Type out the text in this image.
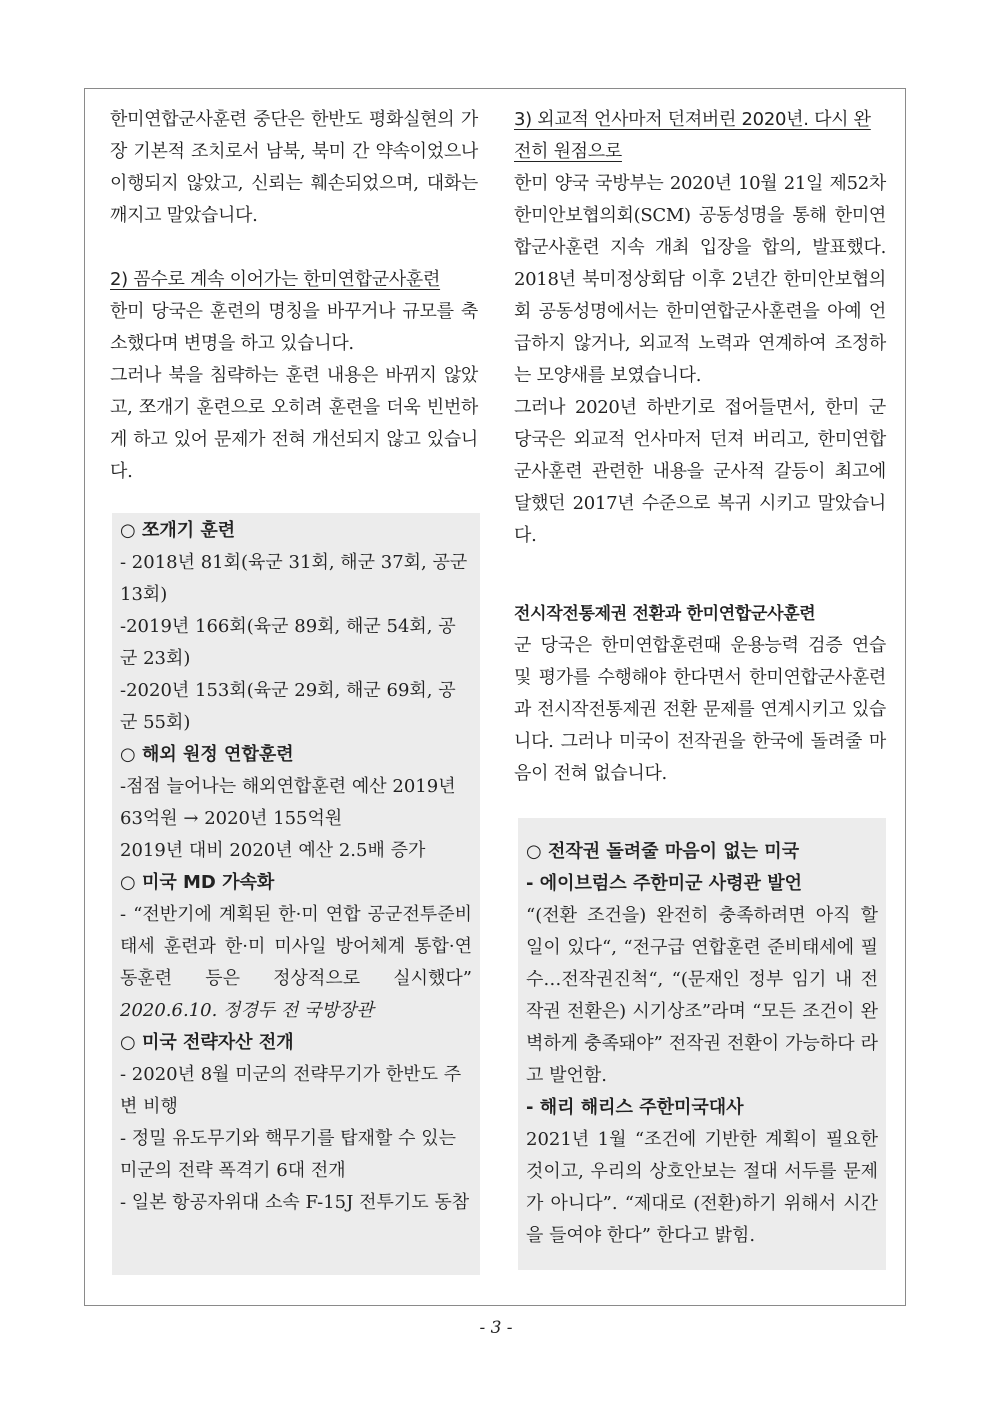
한미연합군사훈련 중단은 한반도 평화실현의 가장 기본적 조치로서 남북, 북미 간 약속이었으나 이행되지 않았고, 신뢰는 훼손되었으며, 대화는 깨지고 말았습니다.

2) 꼼수로 계속 이어가는 한미연합군사훈련

한미 당국은 훈련의 명칭을 바꾸거나 규모를 축소했다며 변명을 하고 있습니다.

그러나 북을 침략하는 훈련 내용은 바뀌지 않았고, 쪼개기 훈련으로 오히려 훈련을 더욱 빈번하게 하고 있어 문제가 전혀 개선되지 않고 있습니다.

○ 쪼개기 훈련
- 2018년 81회(육군 31회, 해군 37회, 공군 13회)
-2019년 166회(육군 89회, 해군 54회, 공군 23회)
-2020년 153회(육군 29회, 해군 69회, 공군 55회)
○ 해외 원정 연합훈련
-점점 늘어나는 해외연합훈련 예산 2019년 63억원 → 2020년 155억원
2019년 대비 2020년 예산 2.5배 증가
○ 미국 MD 가속화

- “전반기에 계획된 한·미 연합 공군전투준비태세 훈련과 한·미 미사일 방어체계 통합·연동훈련 등은 정상적으로 실시했다” 2020.6.10. 정경두 전 국방장관

○ 미국 전략자산 전개
- 2020년 8월 미군의 전략무기가 한반도 주변 비행
- 정밀 유도무기와 핵무기를 탑재할 수 있는 미군의 전략 폭격기 6대 전개
- 일본 항공자위대 소속 F-15J 전투기도 동참
3) 외교적 언사마저 던져버린 2020년. 다시 완전히 원점으로

한미 양국 국방부는 2020년 10월 21일 제52차 한미안보협의회(SCM) 공동성명을 통해 한미연합군사훈련 지속 개최 입장을 합의, 발표했다. 2018년 북미정상회담 이후 2년간 한미안보협의회 공동성명에서는 한미연합군사훈련을 아예 언급하지 않거나, 외교적 노력과 연계하여 조정하는 모양새를 보였습니다.

그러나 2020년 하반기로 접어들면서, 한미 군 당국은 외교적 언사마저 던져 버리고, 한미연합군사훈련 관련한 내용을 군사적 갈등이 최고에 달했던 2017년 수준으로 복귀 시키고 말았습니다.

전시작전통제권 전환과 한미연합군사훈련

군 당국은 한미연합훈련때 운용능력 검증 연습 및 평가를 수행해야 한다면서 한미연합군사훈련과 전시작전통제권 전환 문제를 연계시키고 있습니다. 그러나 미국이 전작권을 한국에 돌려줄 마음이 전혀 없습니다.

○ 전작권 돌려줄 마음이 없는 미국
- 에이브럼스 주한미군 사령관 발언

“(전환 조건을) 완전히 충족하려면 아직 할 일이 있다“, “전구급 연합훈련 준비태세에 필수…전작권진척“, “(문재인 정부 임기 내 전작권 전환은) 시기상조”라며 “모든 조건이 완벽하게 충족돼야” 전작권 전환이 가능하다 라고 발언함.

- 해리 해리스 주한미국대사

2021년 1월 “조건에 기반한 계획이 필요한 것이고, 우리의 상호안보는 절대 서두를 문제가 아니다”. “제대로 (전환)하기 위해서 시간을 들여야 한다” 한다고 밝힘.

- 3 -
